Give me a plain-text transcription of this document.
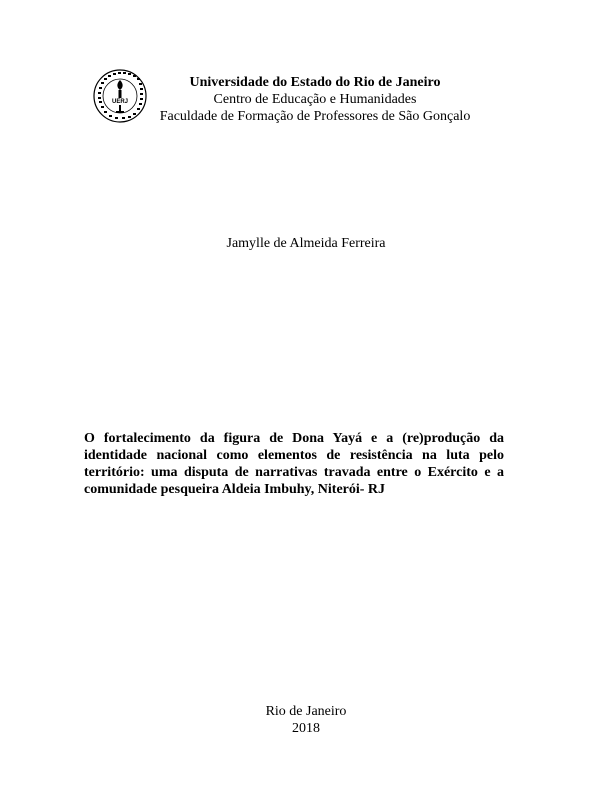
UERJ
Universidade do Estado do Rio de Janeiro
Centro de Educação e Humanidades
Faculdade de Formação de Professores de São Gonçalo
Jamylle de Almeida Ferreira
O fortalecimento da figura de Dona Yayá e a (re)produção da identidade nacional como elementos de resistência na luta pelo território: uma disputa de narrativas travada entre o Exército e a comunidade pesqueira Aldeia Imbuhy, Niterói- RJ
Rio de Janeiro
2018
